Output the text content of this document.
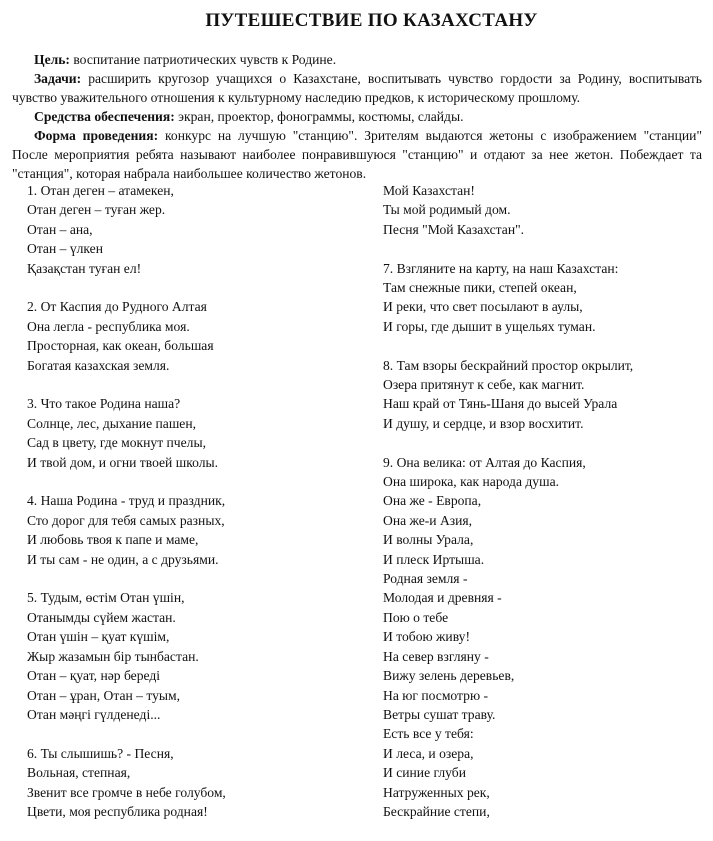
ПУТЕШЕСТВИЕ ПО КАЗАХСТАНУ

Цель: воспитание патриотических чувств к Родине.

Задачи: расширить кругозор учащихся о Казахстане, воспитывать чувство гордости за Родину, воспитывать чувство уважительного отношения к культурному наследию предков, к историческому прошлому.

Средства обеспечения: экран, проектор, фонограммы, костюмы, слайды.

Форма проведения: конкурс на лучшую "станцию". Зрителям выдаются жетоны с изображением "станции" После мероприятия ребята называют наиболее понравившуюся "станцию" и отдают за нее жетон. Побеждает та "станция", которая набрала наибольшее количество жетонов.

1. Отан деген – атамекен,
Отан деген – туған жер.
Отан – ана,
Отан – үлкен
Қазақстан туған ел!
2. От Каспия до Рудного Алтая
Она легла - республика моя.
Просторная, как океан, большая
Богатая казахская земля.
3. Что такое Родина наша?
Солнце, лес, дыхание пашен,
Сад в цвету, где мокнут пчелы,
И твой дом, и огни твоей школы.
4. Наша Родина - труд и праздник,
Сто дорог для тебя самых разных,
И любовь твоя к папе и маме,
И ты сам - не один, а с друзьями.
5. Тудым, өстім Отан үшін,
Отанымды сүйем жастан.
Отан үшін – қуат күшім,
Жыр жазамын бір тынбастан.
Отан – қуат, нәр береді
Отан – ұран, Отан – туым,
Отан мәңгі гүлденеді...
6. Ты слышишь? - Песня,
Вольная, степная,
Звенит все громче в небе голубом,
Цвети, моя республика родная!
Мой Казахстан!
Ты мой родимый дом.
Песня "Мой Казахстан".
7. Взгляните на карту, на наш Казахстан:
Там снежные пики, степей океан,
И реки, что свет посылают в аулы,
И горы, где дышит в ущельях туман.
8. Там взоры бескрайний простор окрылит,
Озера притянут к себе, как магнит.
Наш край от Тянь-Шаня до высей Урала
И душу, и сердце, и взор восхитит.
9. Она велика: от Алтая до Каспия,
Она широка, как народа душа.
Она же - Европа,
Она же-и Азия,
И волны Урала,
И плеск Иртыша.
Родная земля -
Молодая и древняя -
Пою о тебе
И тобою живу!
На север взгляну -
Вижу зелень деревьев,
На юг посмотрю -
Ветры сушат траву.
Есть все у тебя:
И леса, и озера,
И синие глуби
Натруженных рек,
Бескрайние степи,
